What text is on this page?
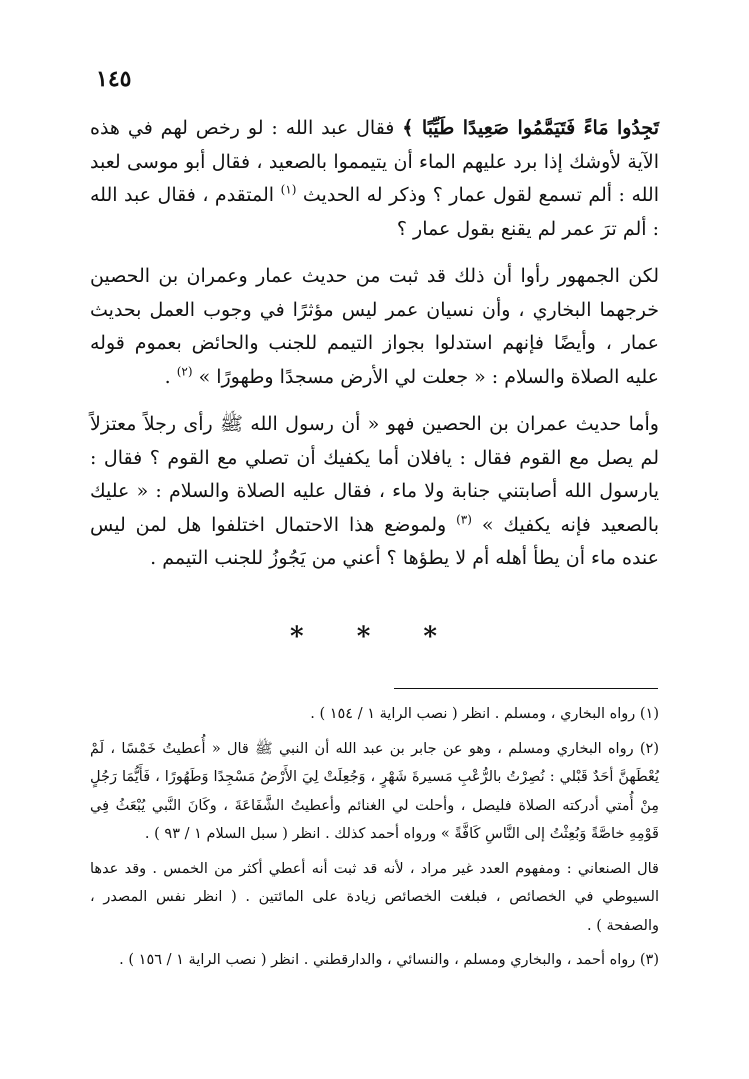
١٤٥

تَجِدُوا مَاءً فَتَيَمَّمُوا صَعِيدًا طَيِّبًا ﴾ فقال عبد الله : لو رخص لهم في هذه الآية لأوشك إذا برد عليهم الماء أن يتيمموا بالصعيد ، فقال أبو موسى لعبد الله : ألم تسمع لقول عمار ؟ وذكر له الحديث $^{(١)}$ المتقدم ، فقال عبد الله : ألم ترَ عمر لم يقنع بقول عمار ؟

لكن الجمهور رأوا أن ذلك قد ثبت من حديث عمار وعمران بن الحصين خرجهما البخاري ، وأن نسيان عمر ليس مؤثرًا في وجوب العمل بحديث عمار ، وأيضًا فإنهم استدلوا بجواز التيمم للجنب والحائض بعموم قوله عليه الصلاة والسلام : « جعلت لي الأرض مسجدًا وطهورًا » $^{(٢)}$ .

وأما حديث عمران بن الحصين فهو « أن رسول الله ﷺ رأى رجلاً معتزلاً لم يصل مع القوم فقال : يافلان أما يكفيك أن تصلي مع القوم ؟ فقال : يارسول الله أصابتني جنابة ولا ماء ، فقال عليه الصلاة والسلام : « عليك بالصعيد فإنه يكفيك » $^{(٣)}$ ولموضع هذا الاحتمال اختلفوا هل لمن ليس عنده ماء أن يطأ أهله أم لا يطؤها ؟ أعني من يَجُوزُ للجنب التيمم .

* * *

(١) رواه البخاري ، ومسلم . انظر ( نصب الراية ١ / ١٥٤ ) .

(٢) رواه البخاري ومسلم ، وهو عن جابر بن عبد الله أن النبي ﷺ قال « أُعطيتُ خَمْسًا ، لَمْ يُعْطَهنَّ أحَدٌ قَبْلي : نُصِرْتُ بالرُّعْبِ مَسيرةَ شَهْرٍ ، وَجُعِلَتْ لِيَ الأَرْضُ مَسْجِدًا وَطَهُورًا ، فَأَيُّمَا رَجُلٍ مِنْ أُمتي أدركته الصلاة فليصل ، وأحلت لي الغنائم وأعطيتُ الشَّفَاعَةَ ، وكَانَ النَّبي يُبْعَثُ فِي قَوْمِهِ خاصَّةً وَبُعِثْتُ إلى النَّاسِ كَافَّةً » ورواه أحمد كذلك . انظر ( سبل السلام ١ / ٩٣ ) .

قال الصنعاني : ومفهوم العدد غير مراد ، لأنه قد ثبت أنه أعطي أكثر من الخمس . وقد عدها السيوطي في الخصائص ، فبلغت الخصائص زيادة على المائتين . ( انظر نفس المصدر ، والصفحة ) .

(٣) رواه أحمد ، والبخاري ومسلم ، والنسائي ، والدارقطني . انظر ( نصب الراية ١ / ١٥٦ ) .
